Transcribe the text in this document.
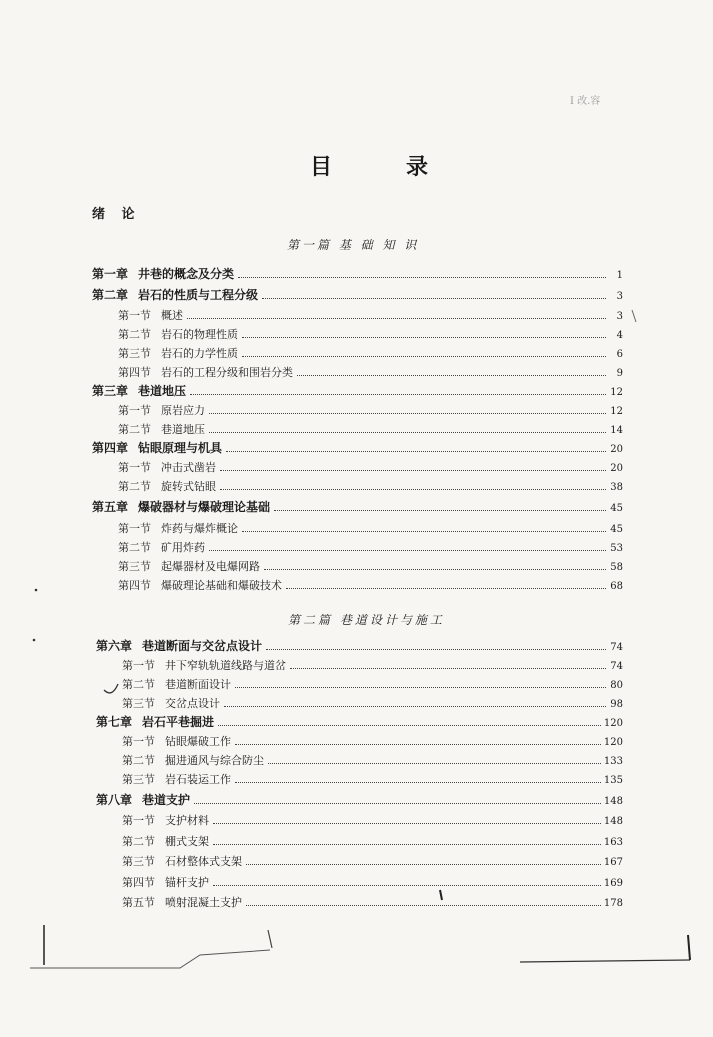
I 改.容
目	录
绪 论
第一篇 基 础 知 识
第二篇 巷道设计与施工
第一章 井巷的概念及分类	1
第二章 岩石的性质与工程分级	3
第一节 概述	3
第二节 岩石的物理性质	4
第三节 岩石的力学性质	6
第四节 岩石的工程分级和围岩分类	9
第三章 巷道地压	12
第一节 原岩应力	12
第二节 巷道地压	14
第四章 钻眼原理与机具	20
第一节 冲击式凿岩	20
第二节 旋转式钻眼	38
第五章 爆破器材与爆破理论基础	45
第一节 炸药与爆炸概论	45
第二节 矿用炸药	53
第三节 起爆器材及电爆网路	58
第四节 爆破理论基础和爆破技术	68
第六章 巷道断面与交岔点设计	74
第一节 井下窄轨轨道线路与道岔	74
第二节 巷道断面设计	80
第三节 交岔点设计	98
第七章 岩石平巷掘进	120
第一节 钻眼爆破工作	120
第二节 掘进通风与综合防尘	133
第三节 岩石装运工作	135
第八章 巷道支护	148
第一节 支护材料	148
第二节 棚式支架	163
第三节 石材整体式支架	167
第四节 锚杆支护	169
第五节 喷射混凝土支护	178
